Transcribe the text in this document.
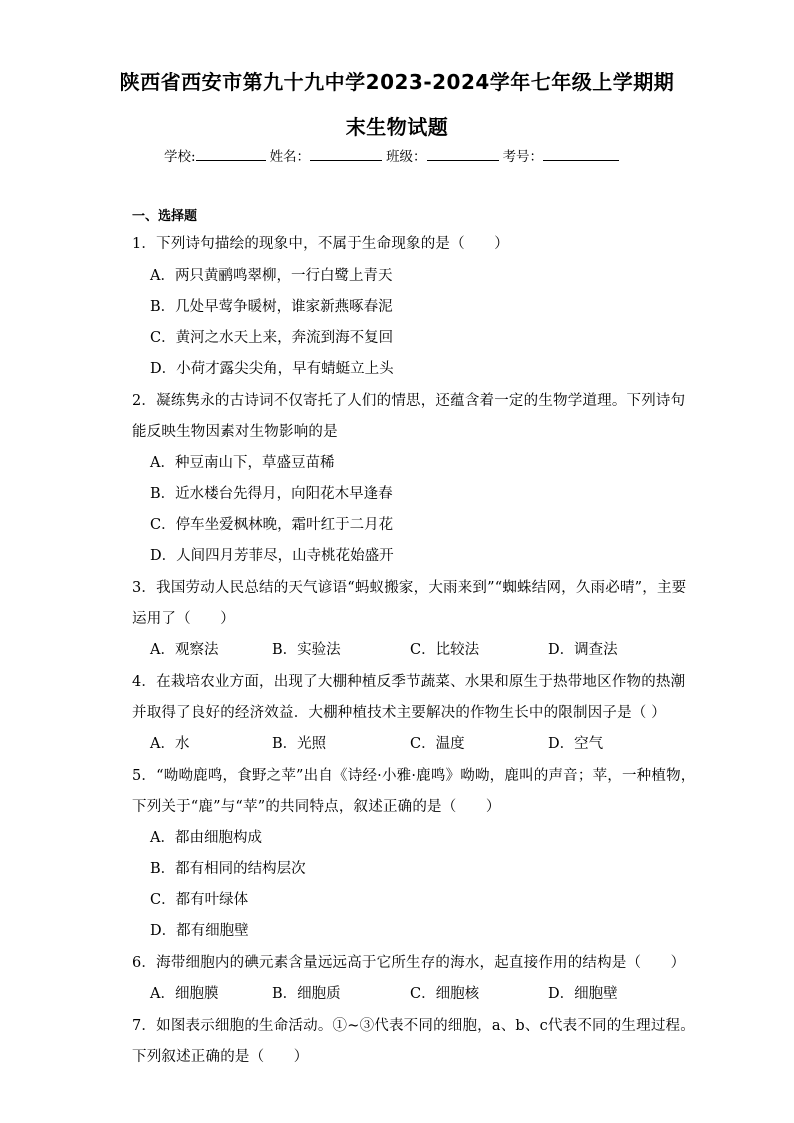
陕西省西安市第九十九中学2023-2024学年七年级上学期期
末生物试题
学校:	姓名：	班级：	考号：
一、选择题
1．下列诗句描绘的现象中，不属于生命现象的是（　　）
A．两只黄鹂鸣翠柳，一行白鹭上青天
B．几处早莺争暖树，谁家新燕啄春泥
C．黄河之水天上来，奔流到海不复回
D．小荷才露尖尖角，早有蜻蜓立上头
2．凝练隽永的古诗词不仅寄托了人们的情思，还蕴含着一定的生物学道理。下列诗句
能反映生物因素对生物影响的是
A．种豆南山下，草盛豆苗稀
B．近水楼台先得月，向阳花木早逢春
C．停车坐爱枫林晚，霜叶红于二月花
D．人间四月芳菲尽，山寺桃花始盛开
3．我国劳动人民总结的天气谚语“蚂蚁搬家，大雨来到”“蜘蛛结网，久雨必晴”，主要
运用了（　　）
A．观察法	B．实验法	C．比较法	D．调查法
4．在栽培农业方面，出现了大棚种植反季节蔬菜、水果和原生于热带地区作物的热潮
并取得了良好的经济效益．大棚种植技术主要解决的作物生长中的限制因子是（ ）
A．水	B．光照	C．温度	D．空气
5．“呦呦鹿鸣，食野之苹”出自《诗经·小雅·鹿鸣》呦呦，鹿叫的声音；苹，一种植物，
下列关于“鹿”与“苹”的共同特点，叙述正确的是（　　）
A．都由细胞构成
B．都有相同的结构层次
C．都有叶绿体
D．都有细胞壁
6．海带细胞内的碘元素含量远远高于它所生存的海水，起直接作用的结构是（　　）
A．细胞膜	B．细胞质	C．细胞核	D．细胞壁
7．如图表示细胞的生命活动。①~③代表不同的细胞，a、b、c代表不同的生理过程。
下列叙述正确的是（　　）
